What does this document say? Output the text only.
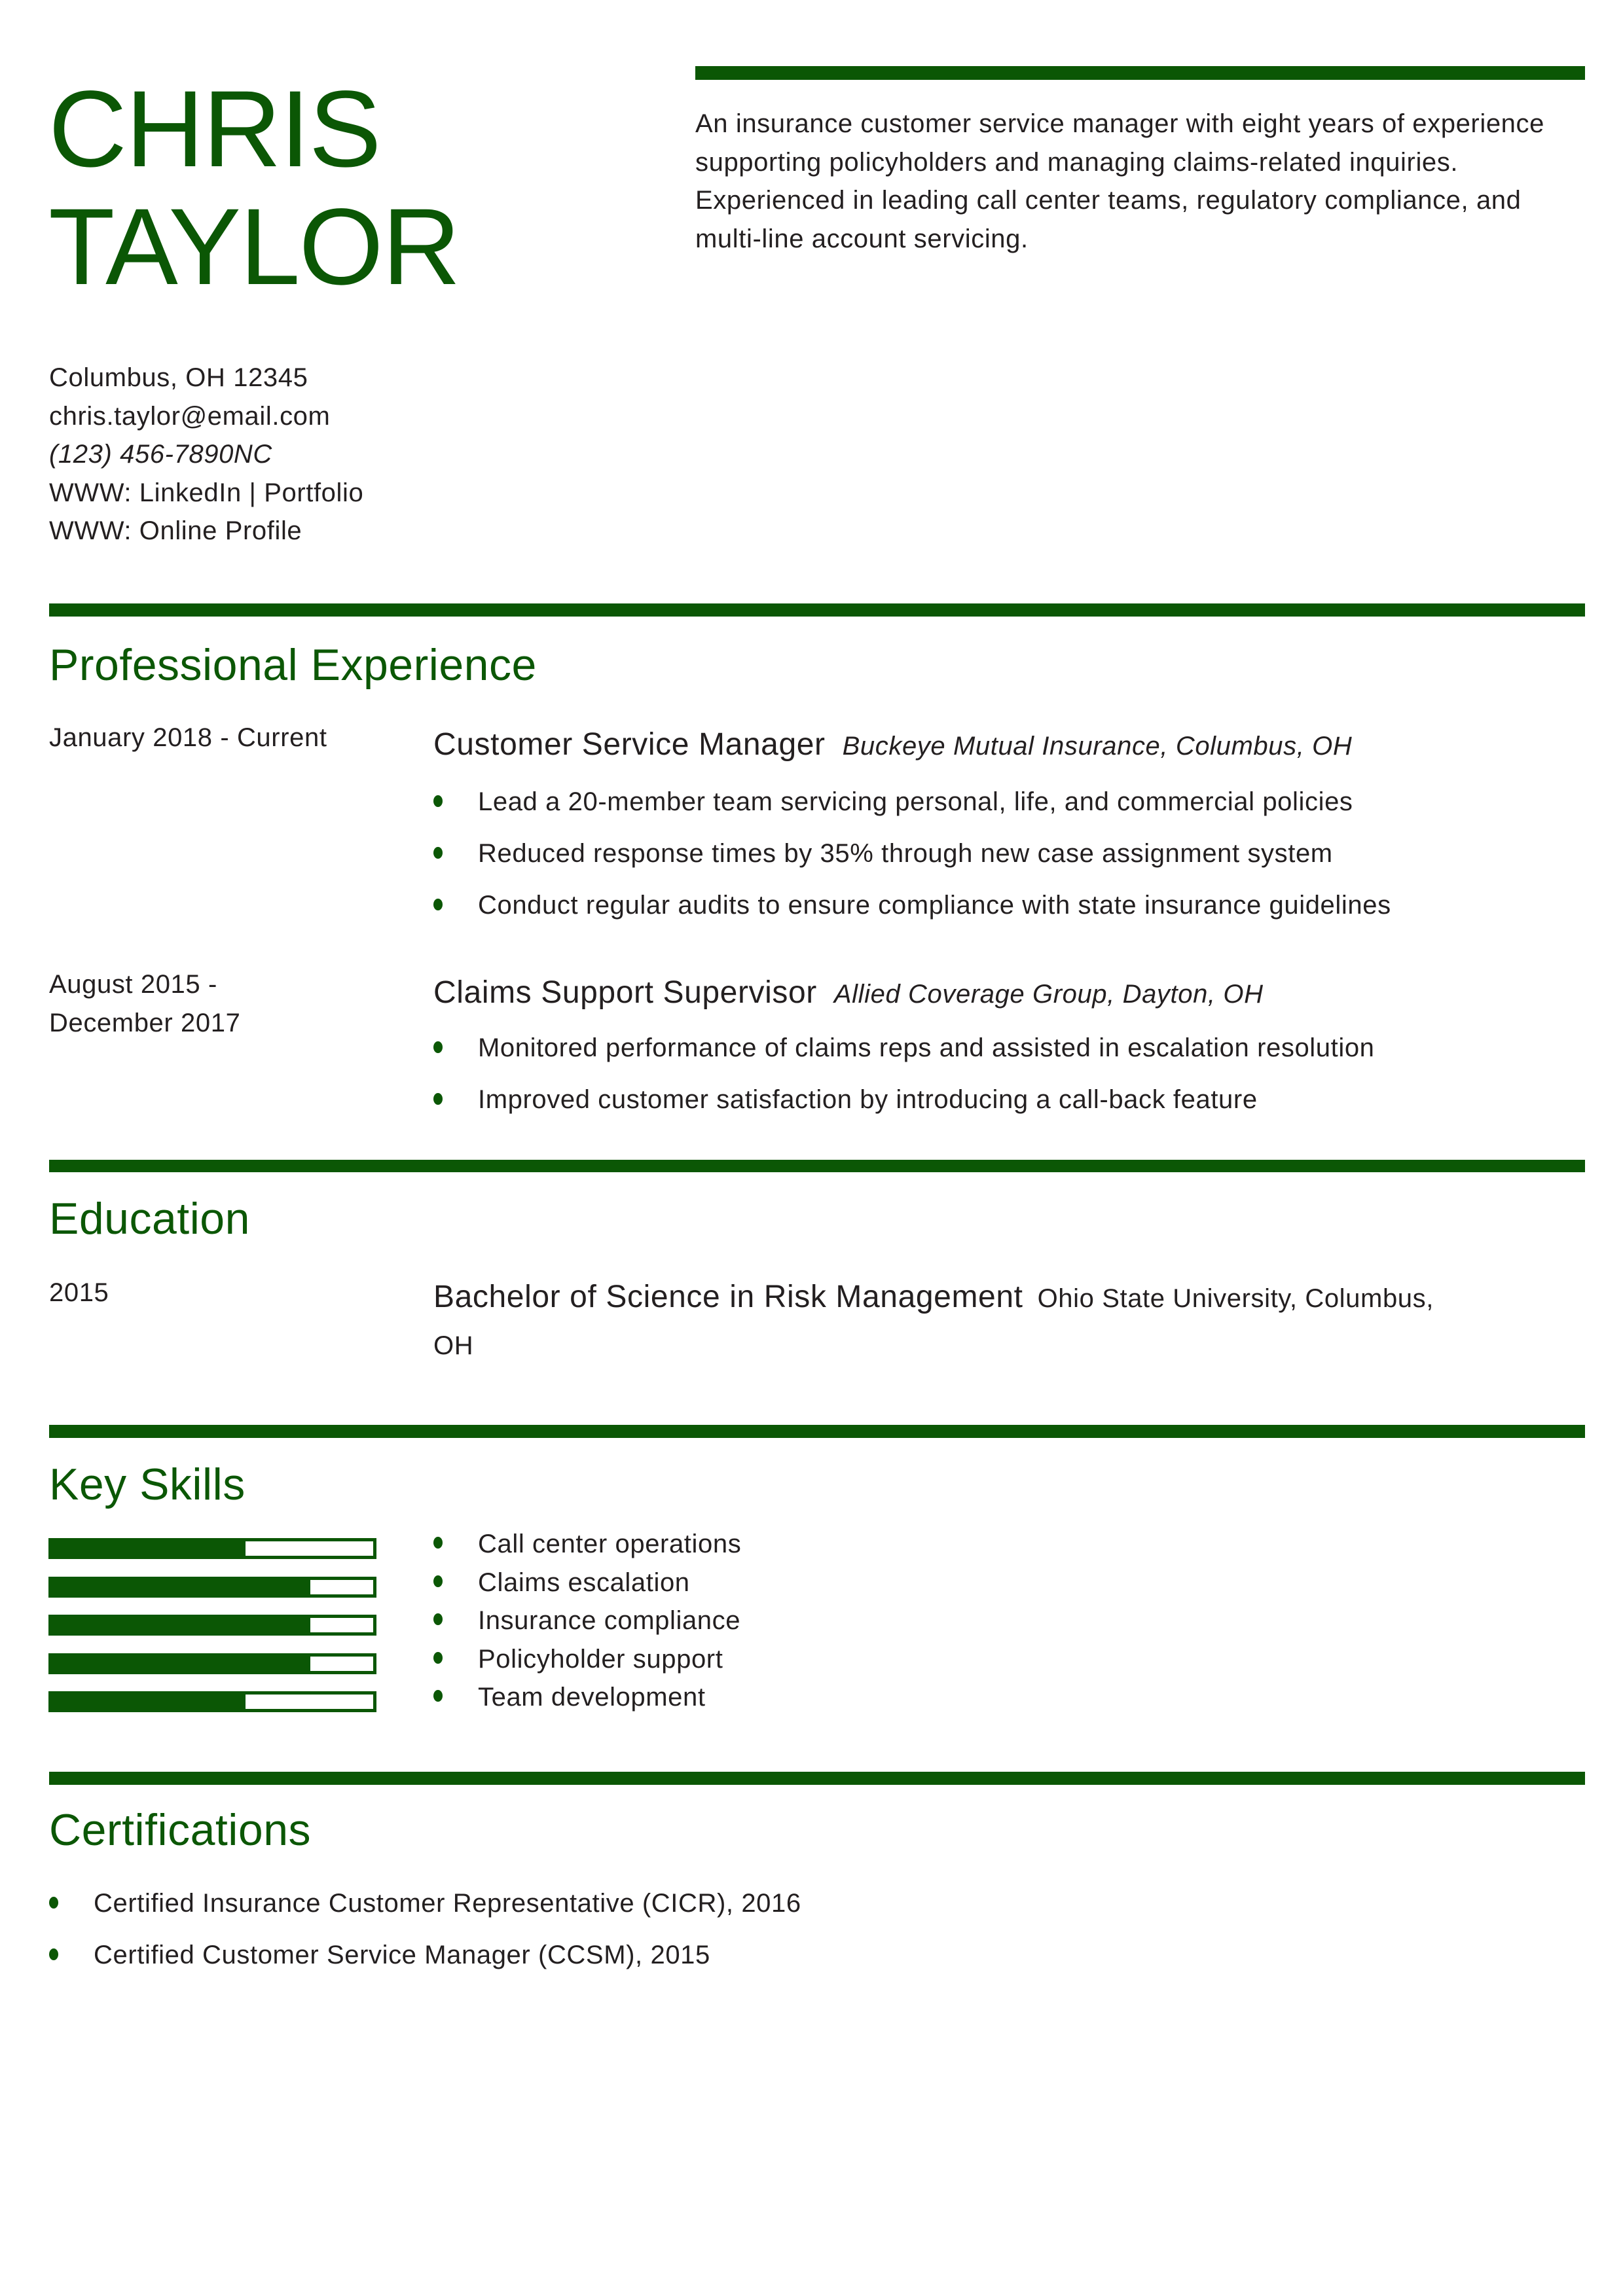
CHRIS
TAYLOR
An insurance customer service manager with eight years of experience supporting policyholders and managing claims-related inquiries. Experienced in leading call center teams, regulatory compliance, and multi-line account servicing.
Columbus, OH 12345
chris.taylor@email.com
(123) 456-7890NC
WWW: LinkedIn | Portfolio
WWW: Online Profile
Professional Experience
January 2018 - Current	Customer Service Manager Buckeye Mutual Insurance, Columbus, OH
Lead a 20-member team servicing personal, life, and commercial policies
Reduced response times by 35% through new case assignment system
Conduct regular audits to ensure compliance with state insurance guidelines
August 2015 -
December 2017
Claims Support Supervisor Allied Coverage Group, Dayton, OH
Monitored performance of claims reps and assisted in escalation resolution
Improved customer satisfaction by introducing a call-back feature
Education
2015	Bachelor of Science in Risk Management Ohio State University, Columbus, OH
Key Skills
Call center operations
Claims escalation
Insurance compliance
Policyholder support
Team development
Certifications
Certified Insurance Customer Representative (CICR), 2016
Certified Customer Service Manager (CCSM), 2015
